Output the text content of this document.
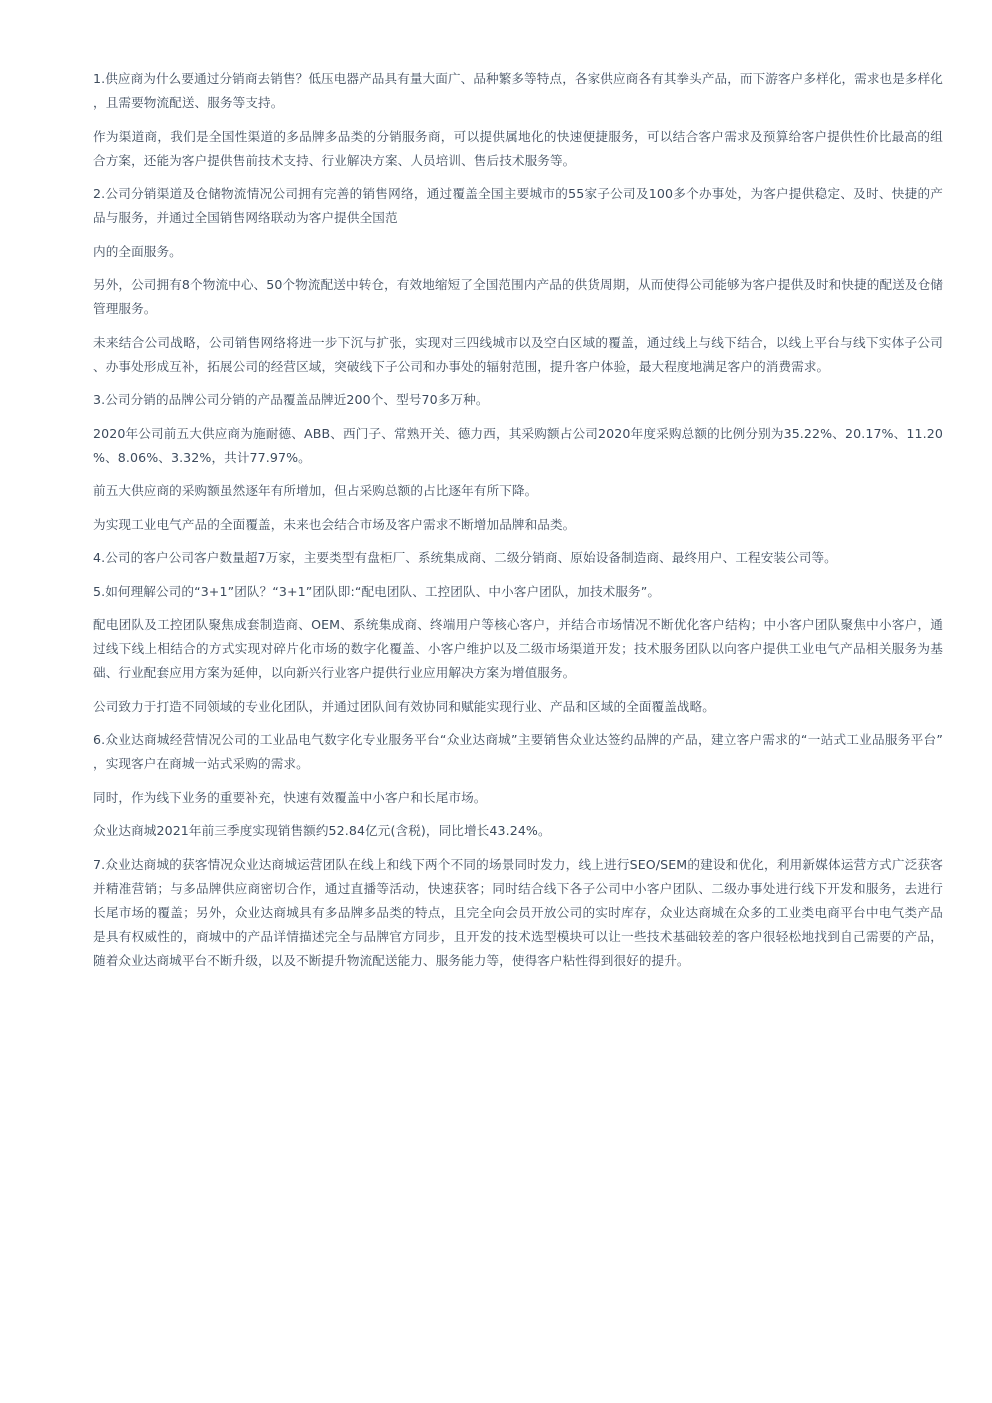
1.供应商为什么要通过分销商去销售？低压电器产品具有量大面广、品种繁多等特点，各家供应商各有其拳头产品，而下游客户多样化，需求也是多样化，且需要物流配送、服务等支持。

作为渠道商，我们是全国性渠道的多品牌多品类的分销服务商，可以提供属地化的快速便捷服务，可以结合客户需求及预算给客户提供性价比最高的组合方案，还能为客户提供售前技术支持、行业解决方案、人员培训、售后技术服务等。

2.公司分销渠道及仓储物流情况公司拥有完善的销售网络，通过覆盖全国主要城市的55家子公司及100多个办事处，为客户提供稳定、及时、快捷的产品与服务，并通过全国销售网络联动为客户提供全国范

内的全面服务。

另外，公司拥有8个物流中心、50个物流配送中转仓，有效地缩短了全国范围内产品的供货周期，从而使得公司能够为客户提供及时和快捷的配送及仓储管理服务。

未来结合公司战略，公司销售网络将进一步下沉与扩张，实现对三四线城市以及空白区域的覆盖，通过线上与线下结合，以线上平台与线下实体子公司、办事处形成互补，拓展公司的经营区域，突破线下子公司和办事处的辐射范围，提升客户体验，最大程度地满足客户的消费需求。

3.公司分销的品牌公司分销的产品覆盖品牌近200个、型号70多万种。

2020年公司前五大供应商为施耐德、ABB、西门子、常熟开关、德力西，其采购额占公司2020年度采购总额的比例分别为35.22%、20.17%、11.20%、8.06%、3.32%，共计77.97%。

前五大供应商的采购额虽然逐年有所增加，但占采购总额的占比逐年有所下降。

为实现工业电气产品的全面覆盖，未来也会结合市场及客户需求不断增加品牌和品类。

4.公司的客户公司客户数量超7万家，主要类型有盘柜厂、系统集成商、二级分销商、原始设备制造商、最终用户、工程安装公司等。

5.如何理解公司的“3+1”团队？“3+1”团队即:“配电团队、工控团队、中小客户团队，加技术服务”。

配电团队及工控团队聚焦成套制造商、OEM、系统集成商、终端用户等核心客户，并结合市场情况不断优化客户结构；中小客户团队聚焦中小客户，通过线下线上相结合的方式实现对碎片化市场的数字化覆盖、小客户维护以及二级市场渠道开发；技术服务团队以向客户提供工业电气产品相关服务为基础、行业配套应用方案为延伸，以向新兴行业客户提供行业应用解决方案为增值服务。

公司致力于打造不同领域的专业化团队，并通过团队间有效协同和赋能实现行业、产品和区域的全面覆盖战略。

6.众业达商城经营情况公司的工业品电气数字化专业服务平台“众业达商城”主要销售众业达签约品牌的产品，建立客户需求的“一站式工业品服务平台”，实现客户在商城一站式采购的需求。

同时，作为线下业务的重要补充，快速有效覆盖中小客户和长尾市场。

众业达商城2021年前三季度实现销售额约52.84亿元(含税)，同比增长43.24%。

7.众业达商城的获客情况众业达商城运营团队在线上和线下两个不同的场景同时发力，线上进行SEO/SEM的建设和优化，利用新媒体运营方式广泛获客并精准营销；与多品牌供应商密切合作，通过直播等活动，快速获客；同时结合线下各子公司中小客户团队、二级办事处进行线下开发和服务，去进行长尾市场的覆盖；另外，众业达商城具有多品牌多品类的特点，且完全向会员开放公司的实时库存，众业达商城在众多的工业类电商平台中电气类产品是具有权威性的，商城中的产品详情描述完全与品牌官方同步，且开发的技术选型模块可以让一些技术基础较差的客户很轻松地找到自己需要的产品，随着众业达商城平台不断升级，以及不断提升物流配送能力、服务能力等，使得客户粘性得到很好的提升。
